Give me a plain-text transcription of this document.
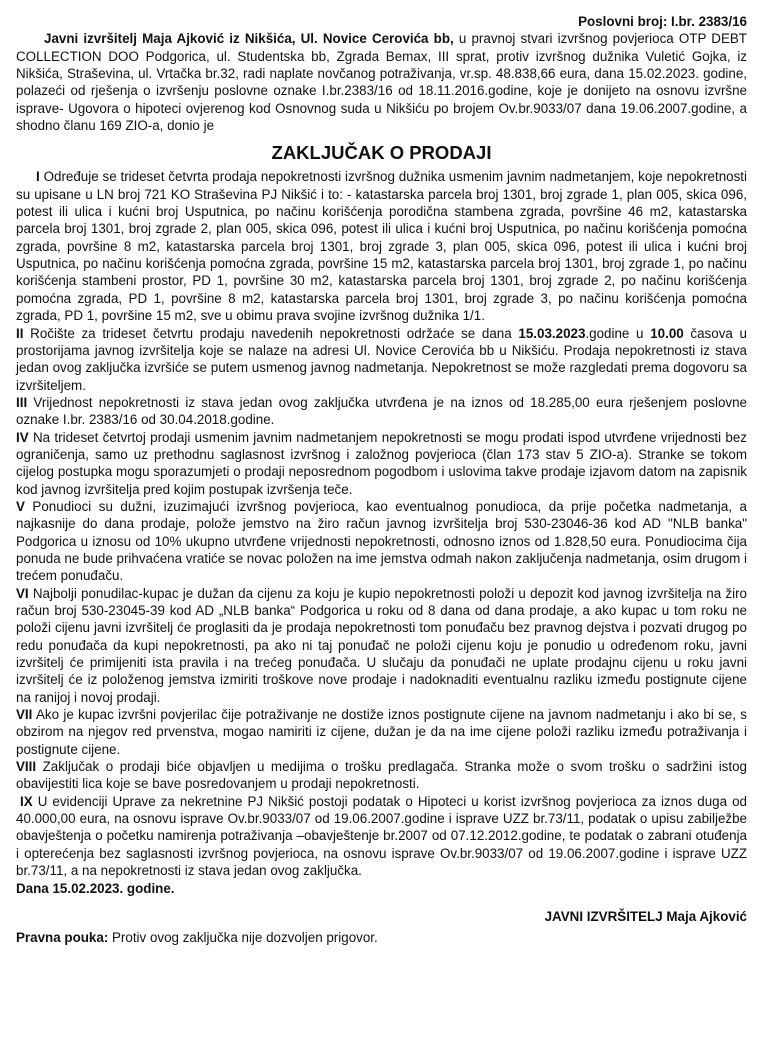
Poslovni broj: I.br. 2383/16

Javni izvršitelj Maja Ajković iz Nikšića, Ul. Novice Cerovića bb, u pravnoj stvari izvršnog povjerioca OTP DEBT COLLECTION DOO Podgorica, ul. Studentska bb, Zgrada Bemax, III sprat, protiv izvršnog dužnika Vuletić Gojka, iz Nikšića, Straševina, ul. Vrtačka br.32, radi naplate novčanog potraživanja, vr.sp. 48.838,66 eura, dana 15.02.2023. godine, polazeći od rješenja o izvršenju poslovne oznake I.br.2383/16 od 18.11.2016.godine, koje je donijeto na osnovu izvršne isprave- Ugovora o hipoteci ovjerenog kod Osnovnog suda u Nikšiću po brojem Ov.br.9033/07 dana 19.06.2007.godine, a shodno članu 169 ZIO-a, donio je

ZAKLJUČAK O PRODAJI

I Određuje se trideset četvrta prodaja nepokretnosti izvršnog dužnika usmenim javnim nadmetanjem, koje nepokretnosti su upisane u LN broj 721 KO Straševina PJ Nikšić i to: - katastarska parcela broj 1301, broj zgrade 1, plan 005, skica 096, potest ili ulica i kućni broj Usputnica, po načinu korišćenja porodična stambena zgrada, površine 46 m2, katastarska parcela broj 1301, broj zgrade 2, plan 005, skica 096, potest ili ulica i kućni broj Usputnica, po načinu korišćenja pomoćna zgrada, površine 8 m2, katastarska parcela broj 1301, broj zgrade 3, plan 005, skica 096, potest ili ulica i kućni broj Usputnica, po načinu korišćenja pomoćna zgrada, površine 15 m2, katastarska parcela broj 1301, broj zgrade 1, po načinu korišćenja stambeni prostor, PD 1, površine 30 m2, katastarska parcela broj 1301, broj zgrade 2, po načinu korišćenja pomoćna zgrada, PD 1, površine 8 m2, katastarska parcela broj 1301, broj zgrade 3, po načinu korišćenja pomoćna zgrada, PD 1, površine 15 m2, sve u obimu prava svojine izvršnog dužnika 1/1.

II Ročište za trideset četvrtu prodaju navedenih nepokretnosti održaće se dana 15.03.2023.godine u 10.00 časova u prostorijama javnog izvršitelja koje se nalaze na adresi Ul. Novice Cerovića bb u Nikšiću. Prodaja nepokretnosti iz stava jedan ovog zaključka izvršiće se putem usmenog javnog nadmetanja. Nepokretnost se može razgledati prema dogovoru sa izvršiteljem.

III Vrijednost nepokretnosti iz stava jedan ovog zaključka utvrđena je na iznos od 18.285,00 eura rješenjem poslovne oznake I.br. 2383/16 od 30.04.2018.godine.

IV Na trideset četvrtoj prodaji usmenim javnim nadmetanjem nepokretnosti se mogu prodati ispod utvrđene vrijednosti bez ograničenja, samo uz prethodnu saglasnost izvršnog i založnog povjerioca (član 173 stav 5 ZIO-a). Stranke se tokom cijelog postupka mogu sporazumjeti o prodaji neposrednom pogodbom i uslovima takve prodaje izjavom datom na zapisnik kod javnog izvršitelja pred kojim postupak izvršenja teče.

V Ponudioci su dužni, izuzimajući izvršnog povjerioca, kao eventualnog ponudioca, da prije početka nadmetanja, a najkasnije do dana prodaje, polože jemstvo na žiro račun javnog izvršitelja broj 530-23046-36 kod AD "NLB banka" Podgorica u iznosu od 10% ukupno utvrđene vrijednosti nepokretnosti, odnosno iznos od 1.828,50 eura. Ponudiocima čija ponuda ne bude prihvaćena vratiće se novac položen na ime jemstva odmah nakon zaključenja nadmetanja, osim drugom i trećem ponuđaču.

VI Najbolji ponudilac-kupac je dužan da cijenu za koju je kupio nepokretnosti položi u depozit kod javnog izvršitelja na žiro račun broj 530-23045-39 kod AD „NLB banka“ Podgorica u roku od 8 dana od dana prodaje, a ako kupac u tom roku ne položi cijenu javni izvršitelj će proglasiti da je prodaja nepokretnosti tom ponuđaču bez pravnog dejstva i pozvati drugog po redu ponuđača da kupi nepokretnosti, pa ako ni taj ponuđač ne položi cijenu koju je ponudio u određenom roku, javni izvršitelj će primijeniti ista pravila i na trećeg ponuđača. U slučaju da ponuđači ne uplate prodajnu cijenu u roku javni izvršitelj će iz položenog jemstva izmiriti troškove nove prodaje i nadoknaditi eventualnu razliku između postignute cijene na ranijoj i novoj prodaji.

VII Ako je kupac izvršni povjerilac čije potraživanje ne dostiže iznos postignute cijene na javnom nadmetanju i ako bi se, s obzirom na njegov red prvenstva, mogao namiriti iz cijene, dužan je da na ime cijene položi razliku između potraživanja i postignute cijene.

VIII Zaključak o prodaji biće objavljen u medijima o trošku predlagača. Stranka može o svom trošku o sadržini istog obavijestiti lica koje se bave posredovanjem u prodaji nepokretnosti.

IX U evidenciji Uprave za nekretnine PJ Nikšić postoji podatak o Hipoteci u korist izvršnog povjerioca za iznos duga od 40.000,00 eura, na osnovu isprave Ov.br.9033/07 od 19.06.2007.godine i isprave UZZ br.73/11, podatak o upisu zabilježbe obavještenja o početku namirenja potraživanja –obavještenje br.2007 od 07.12.2012.godine, te podatak o zabrani otuđenja i opterećenja bez saglasnosti izvršnog povjerioca, na osnovu isprave Ov.br.9033/07 od 19.06.2007.godine i isprave UZZ br.73/11, a na nepokretnosti iz stava jedan ovog zaključka.

Dana 15.02.2023. godine.

JAVNI IZVRŠITELJ Maja Ajković

Pravna pouka: Protiv ovog zaključka nije dozvoljen prigovor.
